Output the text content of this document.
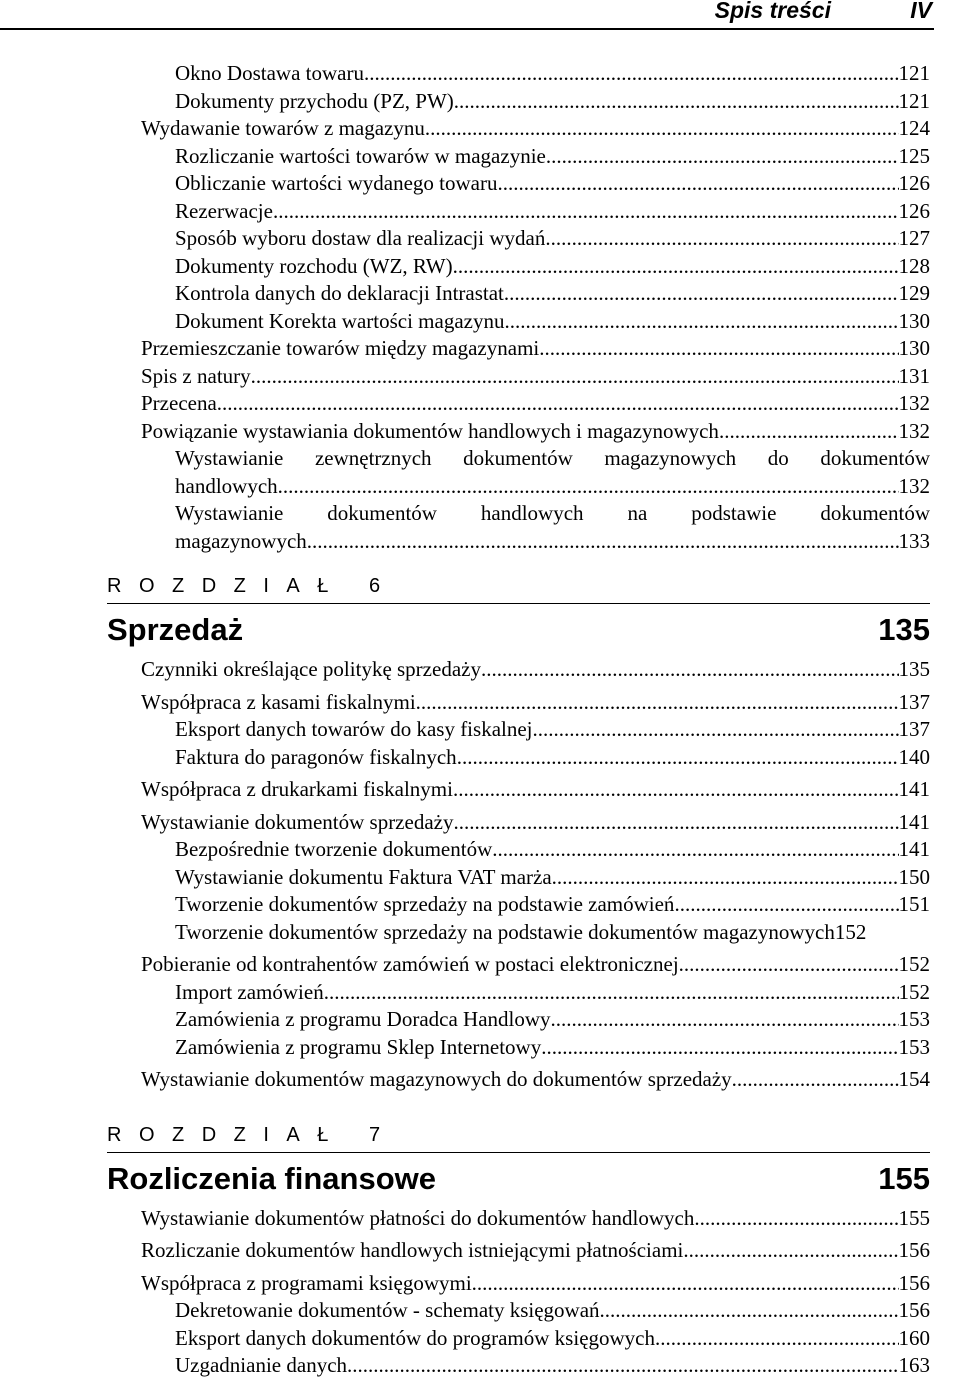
Spis treści	IV
Okno Dostawa towaru .....	121
Dokumenty przychodu (PZ, PW) .....	121
Wydawanie towarów z magazynu .....	124
Rozliczanie wartości towarów w magazynie .....	125
Obliczanie wartości wydanego towaru .....	126
Rezerwacje .....	126
Sposób wyboru dostaw dla realizacji wydań .....	127
Dokumenty rozchodu (WZ, RW) .....	128
Kontrola danych do deklaracji Intrastat .....	129
Dokument Korekta wartości magazynu .....	130
Przemieszczanie towarów między magazynami .....	130
Spis z natury .....	131
Przecena .....	132
Powiązanie wystawiania dokumentów handlowych i magazynowych .....	132
Wystawianie zewnętrznych dokumentów magazynowych do dokumentów
handlowych .....	132
Wystawianie dokumentów handlowych na podstawie dokumentów
magazynowych .....	133
ROZDZIAŁ 6
Sprzedaż	135
Czynniki określające politykę sprzedaży .....	135
Współpraca z kasami fiskalnymi .....	137
Eksport danych towarów do kasy fiskalnej .....	137
Faktura do paragonów fiskalnych .....	140
Współpraca z drukarkami fiskalnymi .....	141
Wystawianie dokumentów sprzedaży .....	141
Bezpośrednie tworzenie dokumentów .....	141
Wystawianie dokumentu Faktura VAT marża .....	150
Tworzenie dokumentów sprzedaży na podstawie zamówień .....	151
Tworzenie dokumentów sprzedaży na podstawie dokumentów magazynowych 152
Pobieranie od kontrahentów zamówień w postaci elektronicznej .....	152
Import zamówień .....	152
Zamówienia z programu Doradca Handlowy .....	153
Zamówienia z programu Sklep Internetowy .....	153
Wystawianie dokumentów magazynowych do dokumentów sprzedaży .....	154
ROZDZIAŁ 7
Rozliczenia finansowe	155
Wystawianie dokumentów płatności do dokumentów handlowych .....	155
Rozliczanie dokumentów handlowych istniejącymi płatnościami .....	156
Współpraca z programami księgowymi .....	156
Dekretowanie dokumentów - schematy księgowań .....	156
Eksport danych dokumentów do programów księgowych .....	160
Uzgadnianie danych .....	163
